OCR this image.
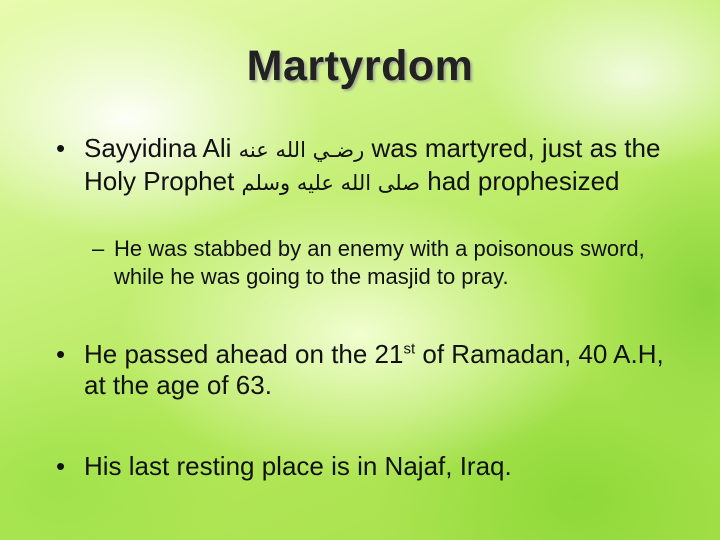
Martyrdom
• Sayyidina Ali رضـي الله عنه was martyred, just as the Holy Prophet صلى الله عليه وسلم had prophesized
– He was stabbed by an enemy with a poisonous sword, while he was going to the masjid to pray.
• He passed ahead on the 21st of Ramadan, 40 A.H, at the age of 63.
• His last resting place is in Najaf, Iraq.
